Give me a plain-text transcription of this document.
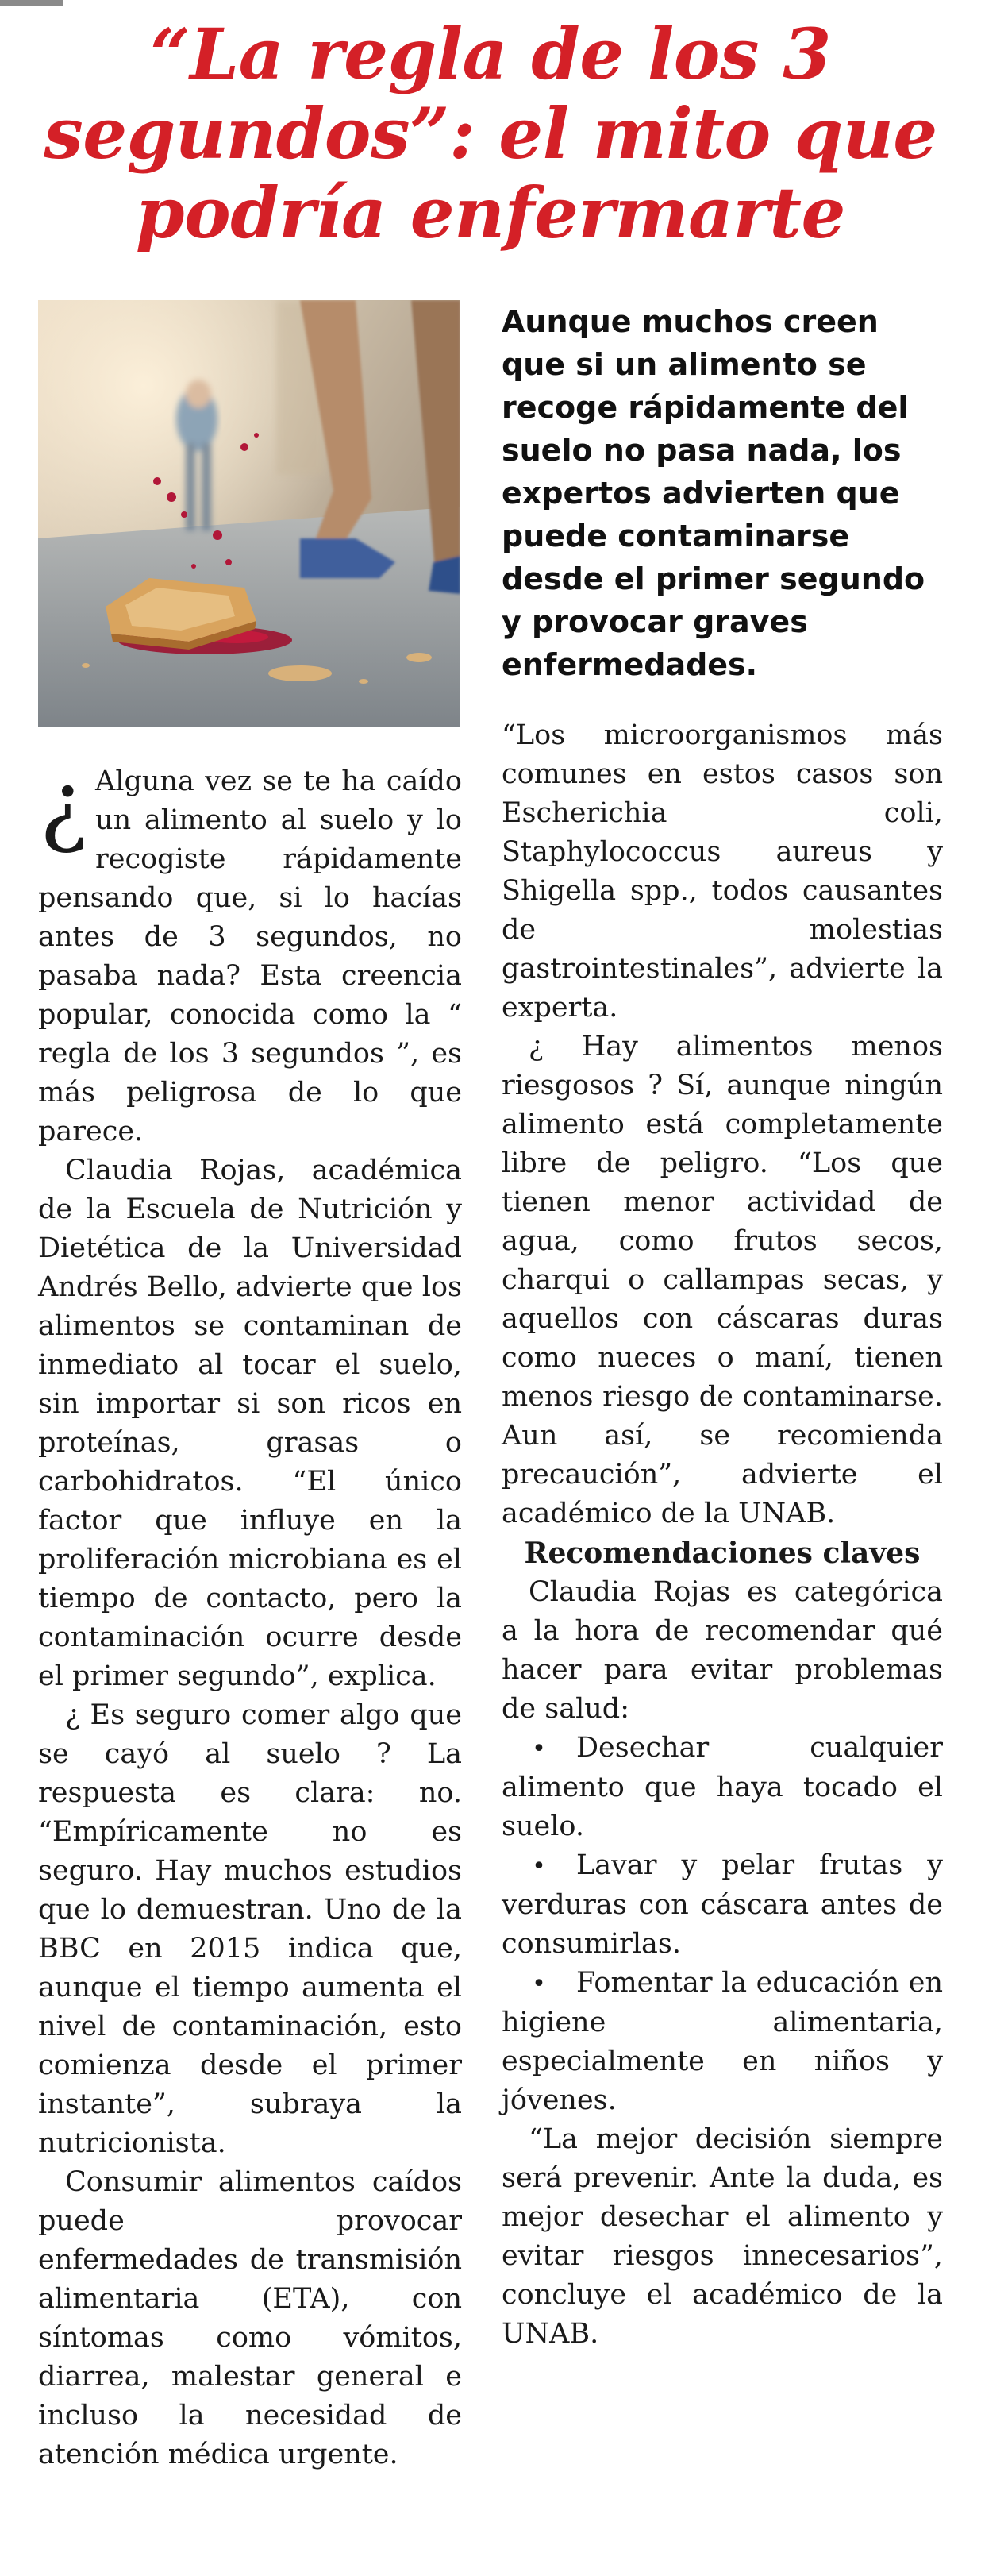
“La regla de los 3 segundos”: el mito que podría enfermarte

¿ Alguna vez se te ha caído un alimento al suelo y lo recogiste rápidamente pensando que, si lo hacías antes de 3 segundos, no pasaba nada? Esta creencia popular, conocida como la “ regla de los 3 segundos ”, es más peligrosa de lo que parece.

Claudia Rojas, académica de la Escuela de Nutrición y Dietética de la Universidad Andrés Bello, advierte que los alimentos se contaminan de inmediato al tocar el suelo, sin importar si son ricos en proteínas, grasas o carbohidratos. “El único factor que influye en la proliferación microbiana es el tiempo de contacto, pero la contaminación ocurre desde el primer segundo”, explica.

¿ Es seguro comer algo que se cayó al suelo ? La respuesta es clara: no. “Empíricamente no es seguro. Hay muchos estudios que lo demuestran. Uno de la BBC en 2015 indica que, aunque el tiempo aumenta el nivel de contaminación, esto comienza desde el primer instante”, subraya la nutricionista.

Consumir alimentos caídos puede provocar enfermedades de transmisión alimentaria (ETA), con síntomas como vómitos, diarrea, malestar general e incluso la necesidad de atención médica urgente.

Aunque muchos creen que si un alimento se recoge rápidamente del suelo no pasa nada, los expertos advierten que puede contaminarse desde el primer segundo y provocar graves enfermedades.

“Los microorganismos más comunes en estos casos son Escherichia coli, Staphylococcus aureus y Shigella spp., todos causantes de molestias gastrointestinales”, advierte la experta.

¿ Hay alimentos menos riesgosos ? Sí, aunque ningún alimento está completamente libre de peligro. “Los que tienen menor actividad de agua, como frutos secos, charqui o callampas secas, y aquellos con cáscaras duras como nueces o maní, tienen menos riesgo de contaminarse. Aun así, se recomienda precaución”, advierte el académico de la UNAB.

Recomendaciones claves

Claudia Rojas es categórica a la hora de recomendar qué hacer para evitar problemas de salud:

• Desechar cualquier alimento que haya tocado el suelo.
• Lavar y pelar frutas y verduras con cáscara antes de consumirlas.
• Fomentar la educación en higiene alimentaria, especialmente en niños y jóvenes.

“La mejor decisión siempre será prevenir. Ante la duda, es mejor desechar el alimento y evitar riesgos innecesarios”, concluye el académico de la UNAB.
